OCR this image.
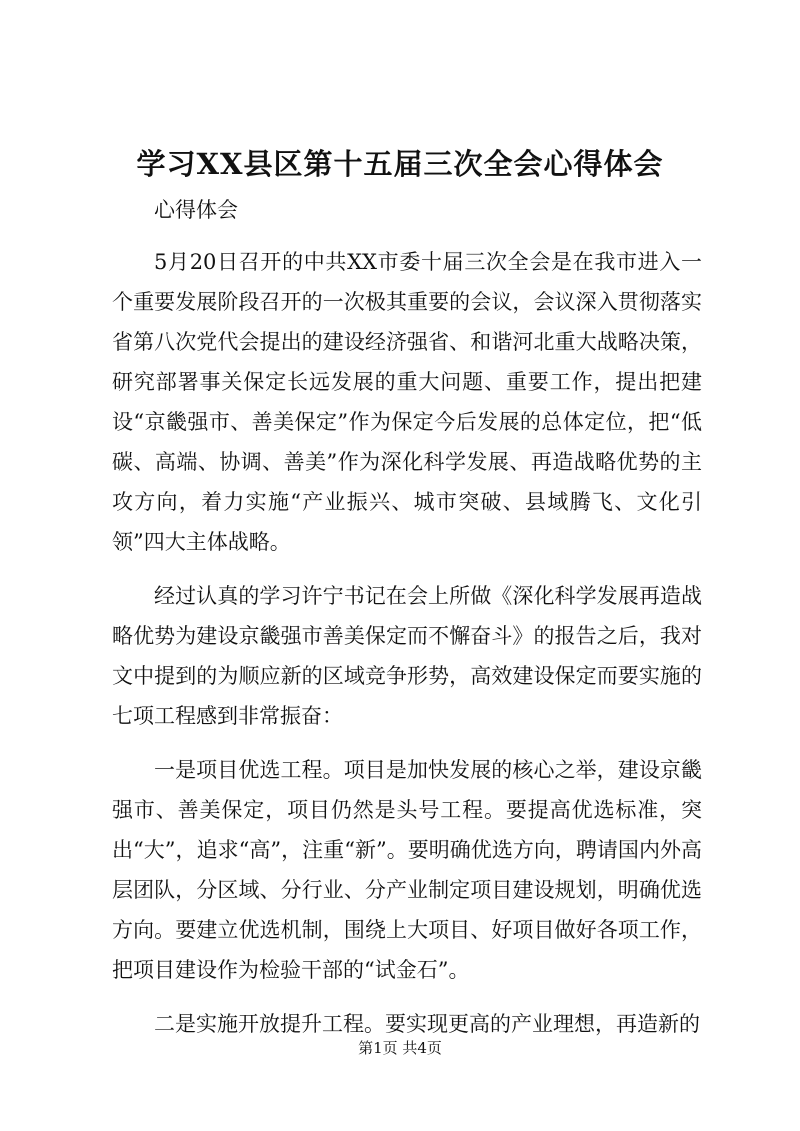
学习XX县区第十五届三次全会心得体会

心得体会

5月20日召开的中共XX市委十届三次全会是在我市进入一个重要发展阶段召开的一次极其重要的会议，会议深入贯彻落实省第八次党代会提出的建设经济强省、和谐河北重大战略决策，研究部署事关保定长远发展的重大问题、重要工作，提出把建设“京畿强市、善美保定”作为保定今后发展的总体定位，把“低碳、高端、协调、善美”作为深化科学发展、再造战略优势的主攻方向，着力实施“产业振兴、城市突破、县域腾飞、文化引领”四大主体战略。

经过认真的学习许宁书记在会上所做《深化科学发展再造战略优势为建设京畿强市善美保定而不懈奋斗》的报告之后，我对文中提到的为顺应新的区域竞争形势，高效建设保定而要实施的七项工程感到非常振奋：

一是项目优选工程。项目是加快发展的核心之举，建设京畿强市、善美保定，项目仍然是头号工程。要提高优选标准，突出“大”，追求“高”，注重“新”。要明确优选方向，聘请国内外高层团队，分区域、分行业、分产业制定项目建设规划，明确优选方向。要建立优选机制，围绕上大项目、好项目做好各项工作，把项目建设作为检验干部的“试金石”。

二是实施开放提升工程。要实现更高的产业理想，再造新的

第1页 共4页
